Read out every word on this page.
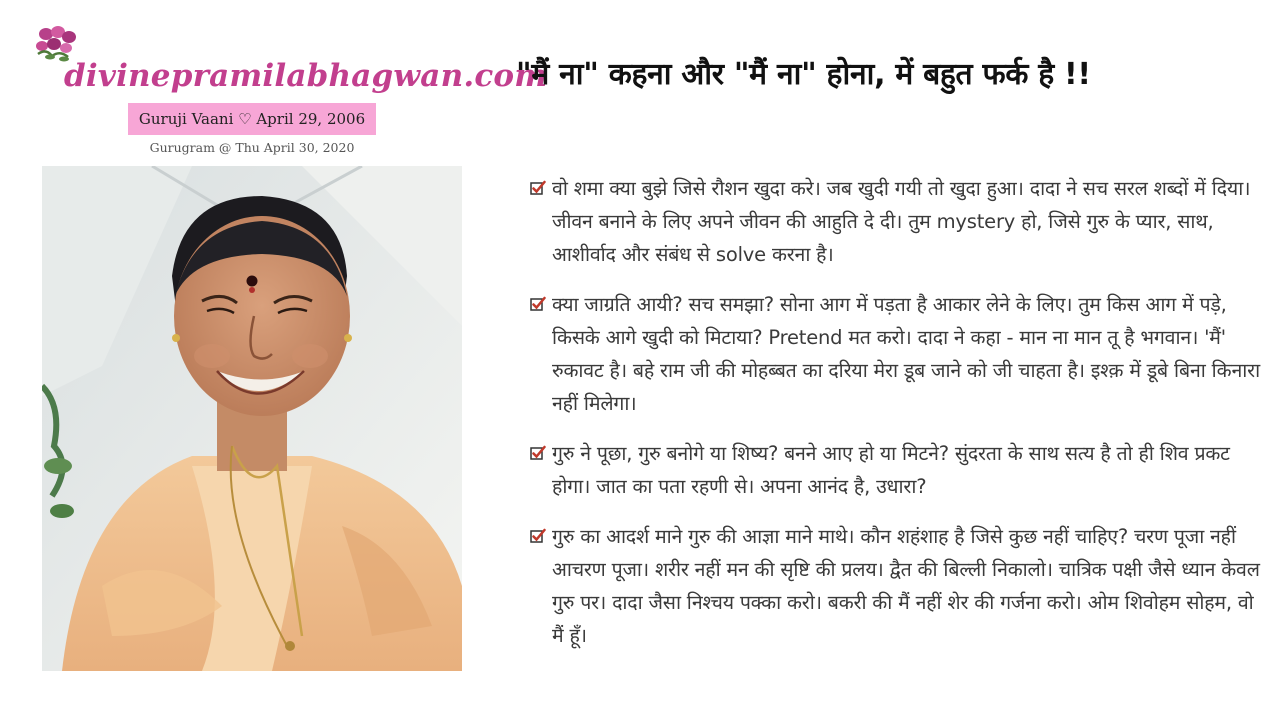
divinepramilabhagwan.com
Guruji Vaani ♡ April 29, 2006
Gurugram @ Thu April 30, 2020
"मैं ना" कहना और "मैं ना" होना, में बहुत फर्क है !!

वो शमा क्या बुझे जिसे रौशन खुदा करे। जब खुदी गयी तो खुदा हुआ। दादा ने सच सरल शब्दों में दिया। जीवन बनाने के लिए अपने जीवन की आहुति दे दी। तुम mystery हो, जिसे गुरु के प्यार, साथ, आशीर्वाद और संबंध से solve करना है।

क्या जाग्रति आयी? सच समझा? सोना आग में पड़ता है आकार लेने के लिए। तुम किस आग में पड़े, किसके आगे खुदी को मिटाया? Pretend मत करो। दादा ने कहा - मान ना मान तू है भगवान। 'मैं' रुकावट है। बहे राम जी की मोहब्बत का दरिया मेरा डूब जाने को जी चाहता है। इश्क़ में डूबे बिना किनारा नहीं मिलेगा।

गुरु ने पूछा, गुरु बनोगे या शिष्य? बनने आए हो या मिटने? सुंदरता के साथ सत्य है तो ही शिव प्रकट होगा। जात का पता रहणी से। अपना आनंद है, उधारा?

गुरु का आदर्श माने गुरु की आज्ञा माने माथे। कौन शहंशाह है जिसे कुछ नहीं चाहिए? चरण पूजा नहीं आचरण पूजा। शरीर नहीं मन की सृष्टि की प्रलय। द्वैत की बिल्ली निकालो। चात्रिक पक्षी जैसे ध्यान केवल गुरु पर। दादा जैसा निश्चय पक्का करो। बकरी की मैं नहीं शेर की गर्जना करो। ओम शिवोहम सोहम, वो मैं हूँ।
